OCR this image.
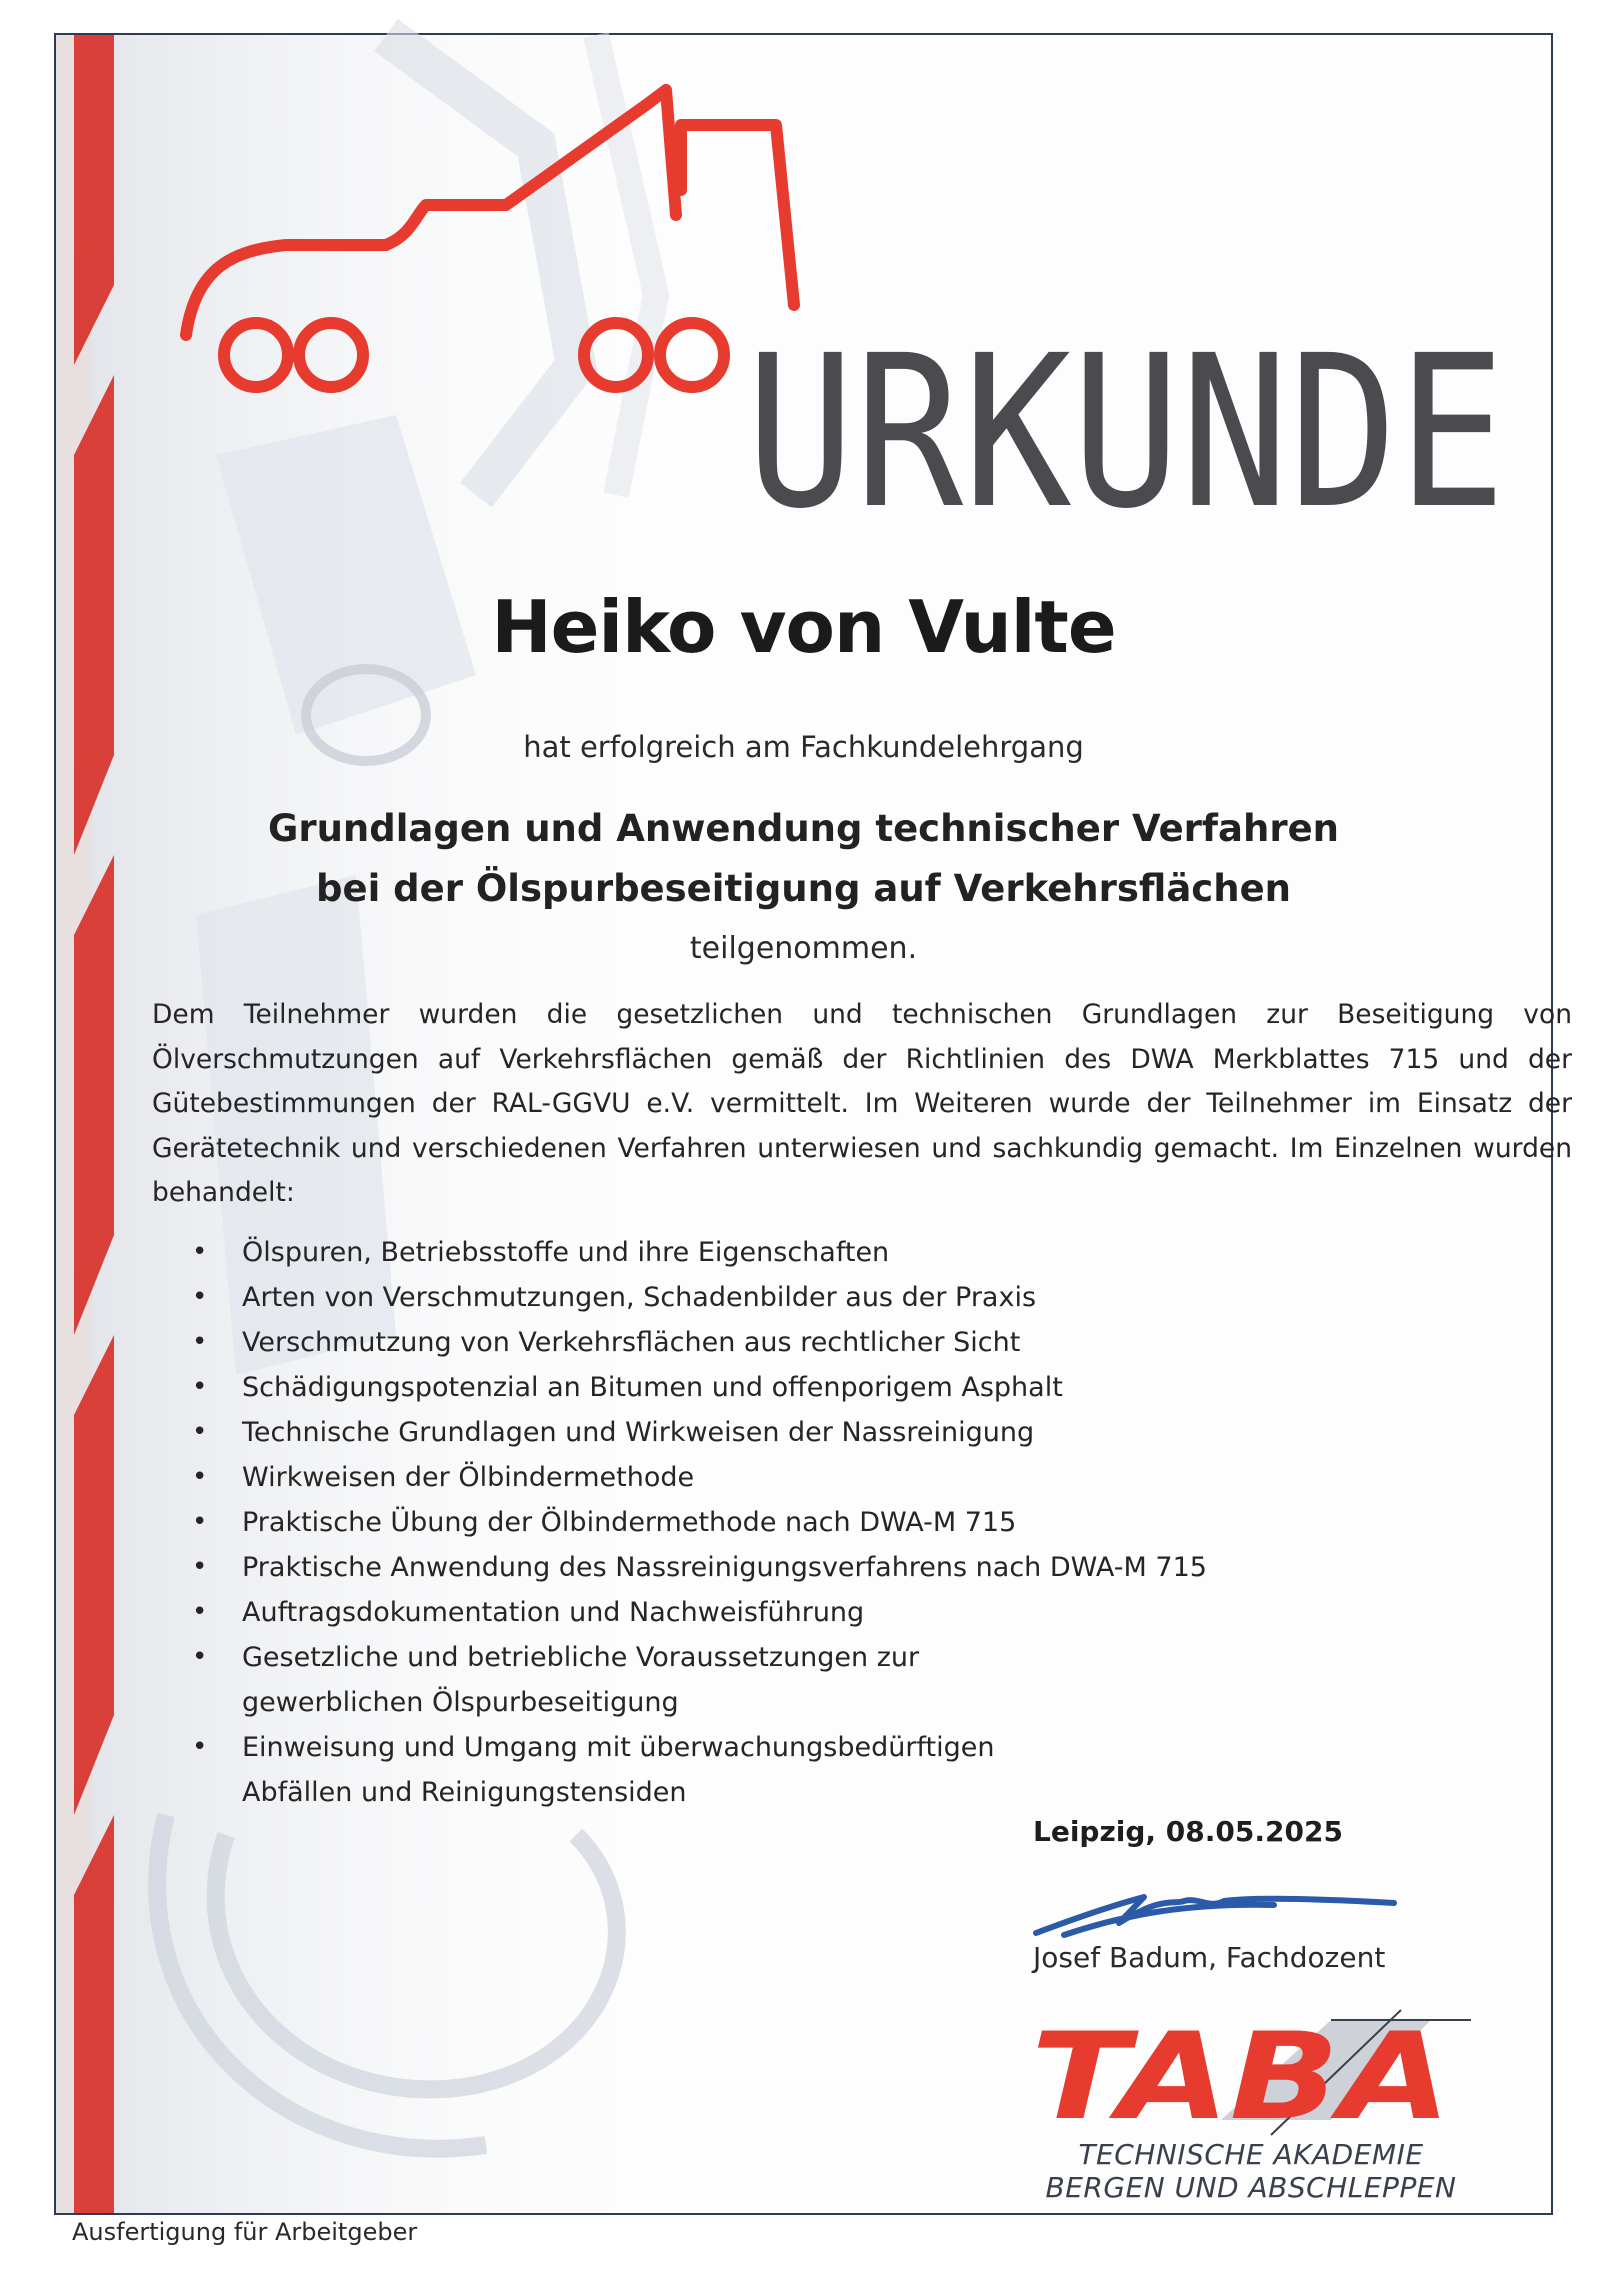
URKUNDE
Heiko von Vulte
hat erfolgreich am Fachkundelehrgang
Grundlagen und Anwendung technischer Verfahren
bei der Ölspurbeseitigung auf Verkehrsflächen
teilgenommen.
Dem Teilnehmer wurden die gesetzlichen und technischen Grundlagen zur Beseitigung von Ölverschmutzungen auf Verkehrsflächen gemäß der Richtlinien des DWA Merkblattes 715 und der Gütebestimmungen der RAL-GGVU e.V. vermittelt. Im Weiteren wurde der Teilnehmer im Einsatz der Gerätetechnik und verschiedenen Verfahren unterwiesen und sachkundig gemacht. Im Einzelnen wurden behandelt:
• Ölspuren, Betriebsstoffe und ihre Eigenschaften
• Arten von Verschmutzungen, Schadenbilder aus der Praxis
• Verschmutzung von Verkehrsflächen aus rechtlicher Sicht
• Schädigungspotenzial an Bitumen und offenporigem Asphalt
• Technische Grundlagen und Wirkweisen der Nassreinigung
• Wirkweisen der Ölbindermethode
• Praktische Übung der Ölbindermethode nach DWA-M 715
• Praktische Anwendung des Nassreinigungsverfahrens nach DWA-M 715
• Auftragsdokumentation und Nachweisführung
• Gesetzliche und betriebliche Voraussetzungen zur
gewerblichen Ölspurbeseitigung
• Einweisung und Umgang mit überwachungsbedürftigen
Abfällen und Reinigungstensiden
Leipzig, 08.05.2025
Josef Badum, Fachdozent
TABA
TECHNISCHE AKADEMIE
BERGEN UND ABSCHLEPPEN
Ausfertigung für Arbeitgeber
